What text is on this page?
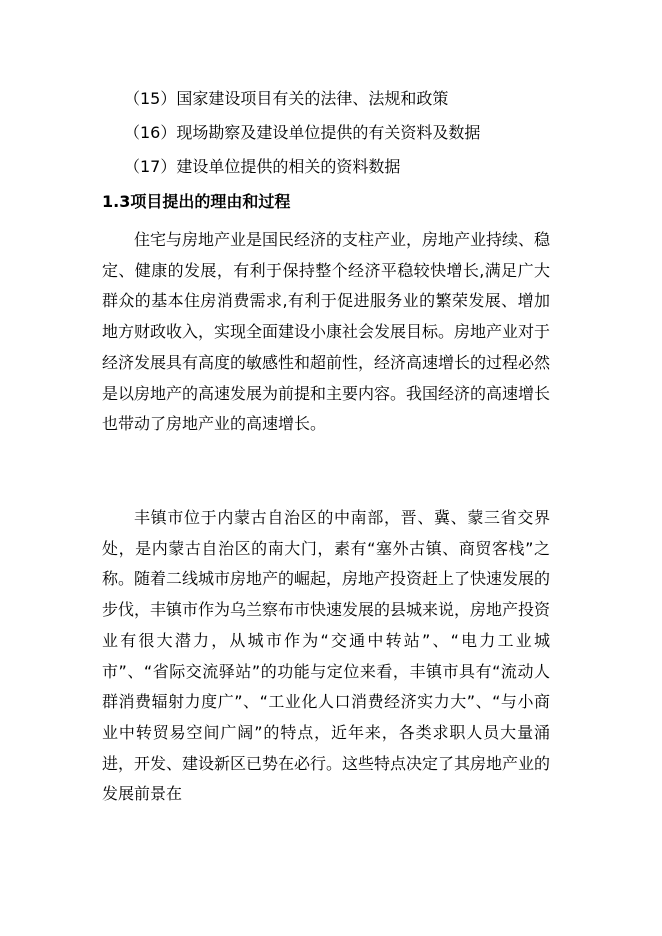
（15）国家建设项目有关的法律、法规和政策
（16）现场勘察及建设单位提供的有关资料及数据
（17）建设单位提供的相关的资料数据
1.3项目提出的理由和过程

住宅与房地产业是国民经济的支柱产业，房地产业持续、稳定、健康的发展，有利于保持整个经济平稳较快增长,满足广大群众的基本住房消费需求,有利于促进服务业的繁荣发展、增加地方财政收入，实现全面建设小康社会发展目标。房地产业对于经济发展具有高度的敏感性和超前性，经济高速增长的过程必然是以房地产的高速发展为前提和主要内容。我国经济的高速增长也带动了房地产业的高速增长。

丰镇市位于内蒙古自治区的中南部，晋、冀、蒙三省交界处，是内蒙古自治区的南大门，素有“塞外古镇、商贸客栈”之称。随着二线城市房地产的崛起，房地产投资赶上了快速发展的步伐，丰镇市作为乌兰察布市快速发展的县城来说，房地产投资业有很大潜力，从城市作为“交通中转站”、“电力工业城市”、“省际交流驿站”的功能与定位来看，丰镇市具有“流动人群消费辐射力度广”、“工业化人口消费经济实力大”、“与小商业中转贸易空间广阔”的特点，近年来，各类求职人员大量涌进，开发、建设新区已势在必行。这些特点决定了其房地产业的发展前景在
